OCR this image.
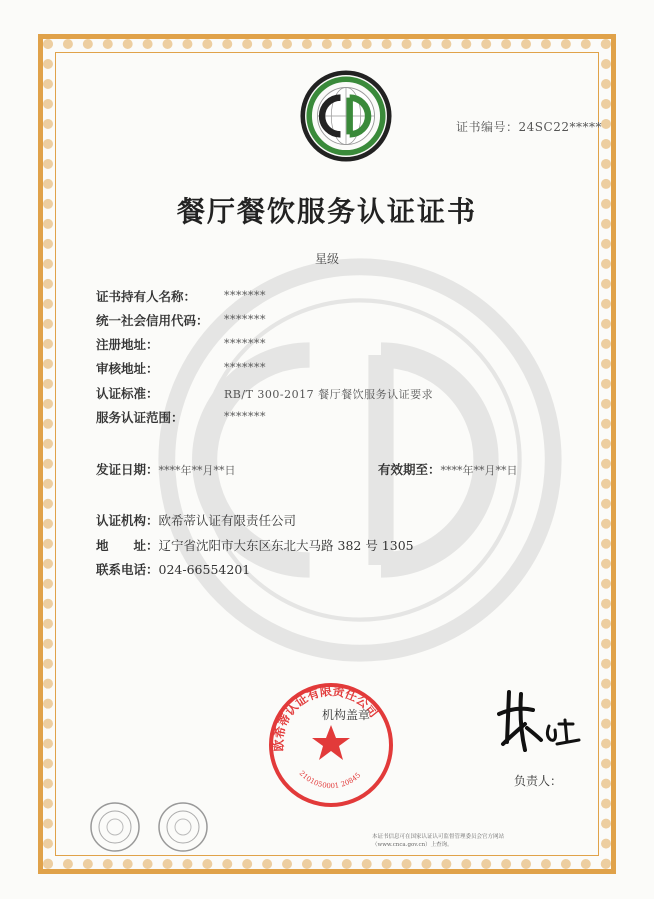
证书编号：24SC22*****
餐厅餐饮服务认证证书
星级
证书持有人名称：	*******
统一社会信用代码： *******
注册地址：	*******
审核地址：	*******
认证标准：	RB/T 300-2017 餐厅餐饮服务认证要求
服务认证范围：	*******
发证日期：****年**月**日	有效期至：****年**月**日
认证机构：欧希蒂认证有限责任公司
地　　址：辽宁省沈阳市大东区东北大马路 382 号 1305
联系电话：024-66554201
欧希蒂认证有限责任公司
2101050001 20845
机构盖章
朱红
负责人：
本证书信息可在国家认证认可监督管理委员会官方网站（www.cnca.gov.cn）上查询。
